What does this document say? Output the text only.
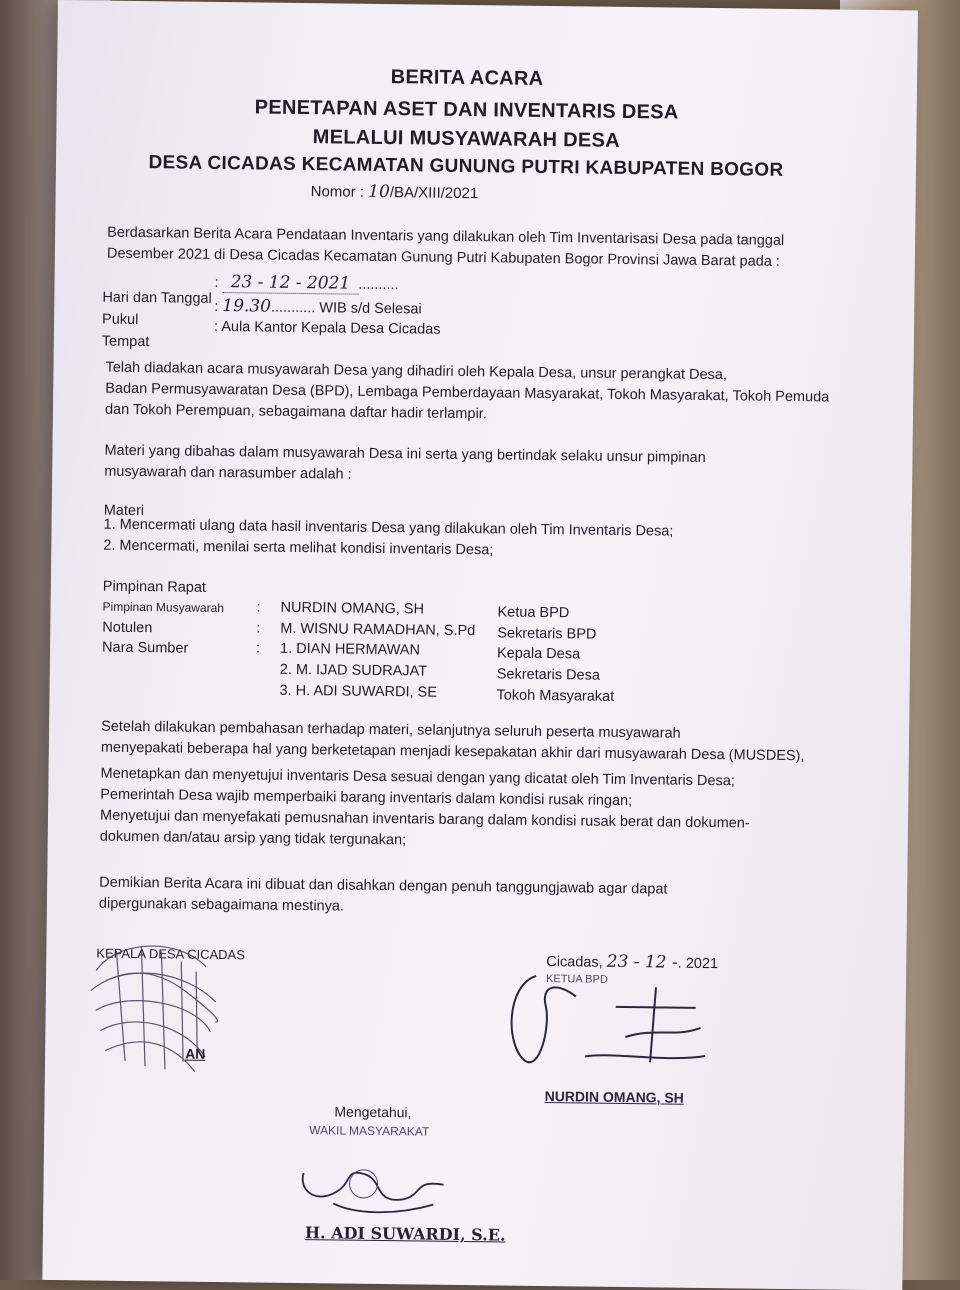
BERITA ACARA
PENETAPAN ASET DAN INVENTARIS DESA
MELALUI MUSYAWARAH DESA
DESA CICADAS KECAMATAN GUNUNG PUTRI KABUPATEN BOGOR
Nomor : 10/BA/XIII/2021
Berdasarkan Berita Acara Pendataan Inventaris yang dilakukan oleh Tim Inventarisasi Desa pada tanggal
Desember 2021 di Desa Cicadas Kecamatan Gunung Putri Kabupaten Bogor Provinsi Jawa Barat pada :
Hari dan Tanggal
: 23 - 12 - 2021 ..........
Pukul
: 19.30........... WIB s/d Selesai
Tempat
: Aula Kantor Kepala Desa Cicadas
Telah diadakan acara musyawarah Desa yang dihadiri oleh Kepala Desa, unsur perangkat Desa,
Badan Permusyawaratan Desa (BPD), Lembaga Pemberdayaan Masyarakat, Tokoh Masyarakat, Tokoh Pemuda
dan Tokoh Perempuan, sebagaimana daftar hadir terlampir.
Materi yang dibahas dalam musyawarah Desa ini serta yang bertindak selaku unsur pimpinan
musyawarah dan narasumber adalah :
Materi
1. Mencermati ulang data hasil inventaris Desa yang dilakukan oleh Tim Inventaris Desa;
2. Mencermati, menilai serta melihat kondisi inventaris Desa;
Pimpinan Rapat
Pimpinan Musyawarah : NURDIN OMANG, SH	Ketua BPD
Notulen	: M. WISNU RAMADHAN, S.Pd Sekretaris BPD
Nara Sumber	: 1. DIAN HERMAWAN	Kepala Desa
2. M. IJAD SUDRAJAT	Sekretaris Desa
3. H. ADI SUWARDI, SE	Tokoh Masyarakat
Setelah dilakukan pembahasan terhadap materi, selanjutnya seluruh peserta musyawarah
menyepakati beberapa hal yang berketetapan menjadi kesepakatan akhir dari musyawarah Desa (MUSDES),
Menetapkan dan menyetujui inventaris Desa sesuai dengan yang dicatat oleh Tim Inventaris Desa;
Pemerintah Desa wajib memperbaiki barang inventaris dalam kondisi rusak ringan;
Menyetujui dan menyefakati pemusnahan inventaris barang dalam kondisi rusak berat dan dokumen-
dokumen dan/atau arsip yang tidak tergunakan;
Demikian Berita Acara ini dibuat dan disahkan dengan penuh tanggungjawab agar dapat
dipergunakan sebagaimana mestinya.
KEPALA DESA CICADAS
AN
Cicadas, 23 - 12 -. 2021
KETUA BPD
NURDIN OMANG, SH
Mengetahui,
WAKIL MASYARAKAT
H. ADI SUWARDI, S.E.
